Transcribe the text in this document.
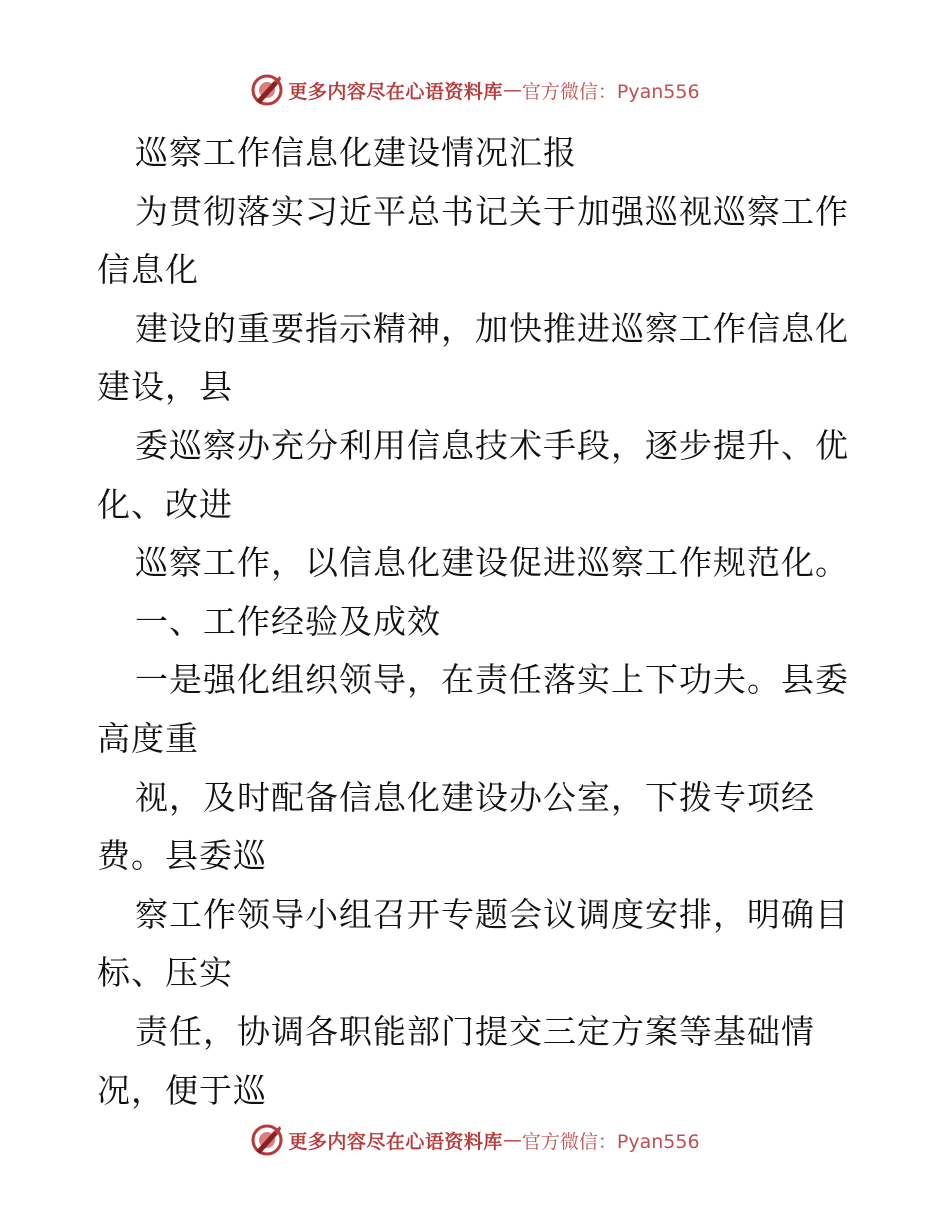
更多内容尽在心语资料库 — 官方微信：Pyan556
巡察工作信息化建设情况汇报
为贯彻落实习近平总书记关于加强巡视巡察工作
信息化
建设的重要指示精神，加快推进巡察工作信息化
建设，县
委巡察办充分利用信息技术手段，逐步提升、优
化、改进
巡察工作，以信息化建设促进巡察工作规范化。
一、工作经验及成效
一是强化组织领导，在责任落实上下功夫。县委
高度重
视，及时配备信息化建设办公室，下拨专项经
费。县委巡
察工作领导小组召开专题会议调度安排，明确目
标、压实
责任，协调各职能部门提交三定方案等基础情
况，便于巡
更多内容尽在心语资料库 — 官方微信：Pyan556
